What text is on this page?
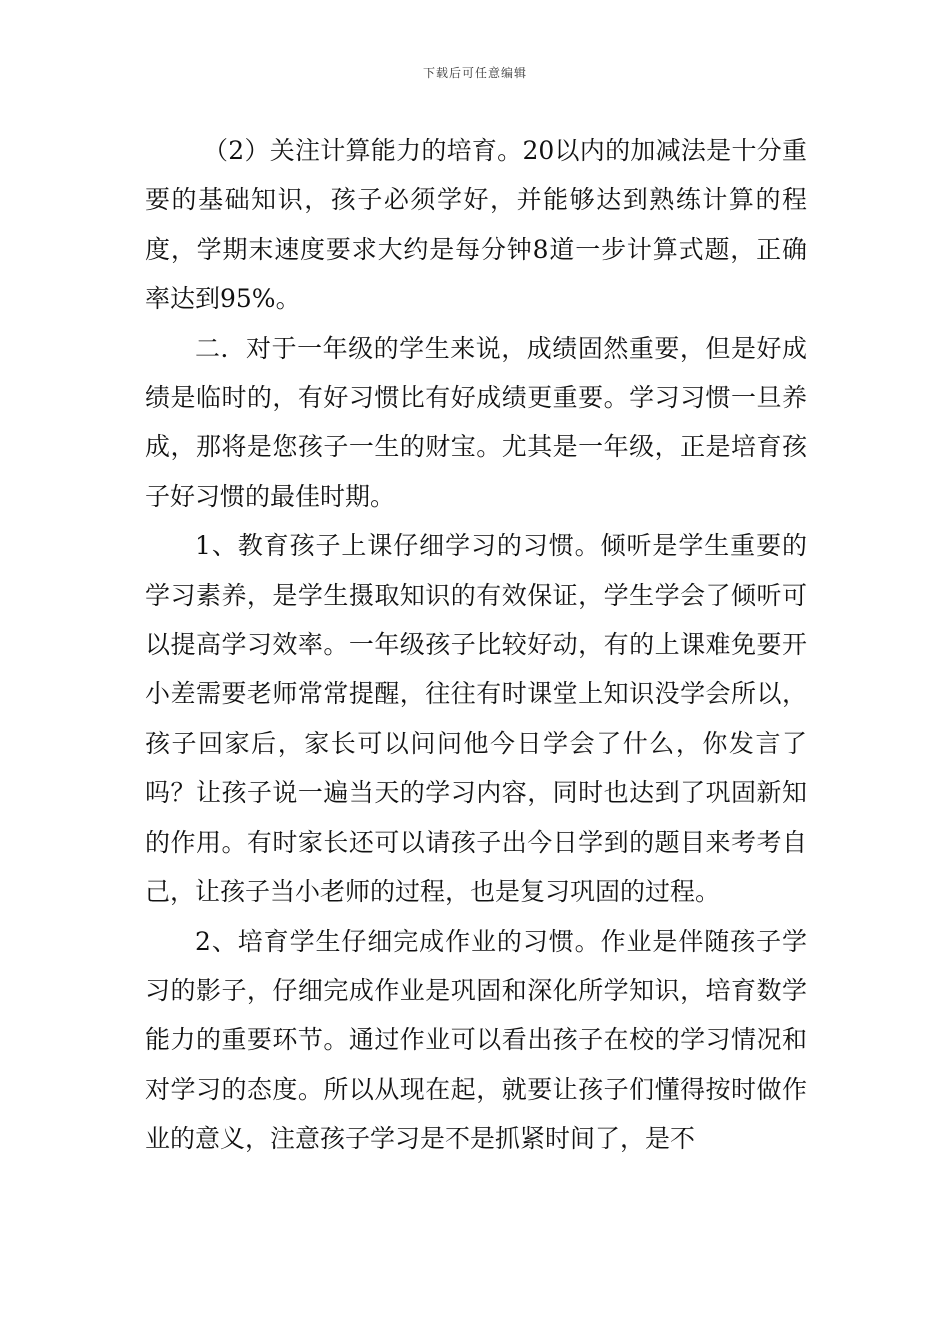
下载后可任意编辑

（2）关注计算能力的培育。20以内的加减法是十分重要的基础知识，孩子必须学好，并能够达到熟练计算的程度，学期末速度要求大约是每分钟8道一步计算式题，正确率达到95%。

二．对于一年级的学生来说，成绩固然重要，但是好成绩是临时的，有好习惯比有好成绩更重要。学习习惯一旦养成，那将是您孩子一生的财宝。尤其是一年级，正是培育孩子好习惯的最佳时期。

1、教育孩子上课仔细学习的习惯。倾听是学生重要的学习素养，是学生摄取知识的有效保证，学生学会了倾听可以提高学习效率。一年级孩子比较好动，有的上课难免要开小差需要老师常常提醒，往往有时课堂上知识没学会所以，孩子回家后，家长可以问问他今日学会了什么，你发言了吗？让孩子说一遍当天的学习内容，同时也达到了巩固新知的作用。有时家长还可以请孩子出今日学到的题目来考考自己，让孩子当小老师的过程，也是复习巩固的过程。

2、培育学生仔细完成作业的习惯。作业是伴随孩子学习的影子，仔细完成作业是巩固和深化所学知识，培育数学能力的重要环节。通过作业可以看出孩子在校的学习情况和对学习的态度。所以从现在起，就要让孩子们懂得按时做作业的意义，注意孩子学习是不是抓紧时间了，是不
